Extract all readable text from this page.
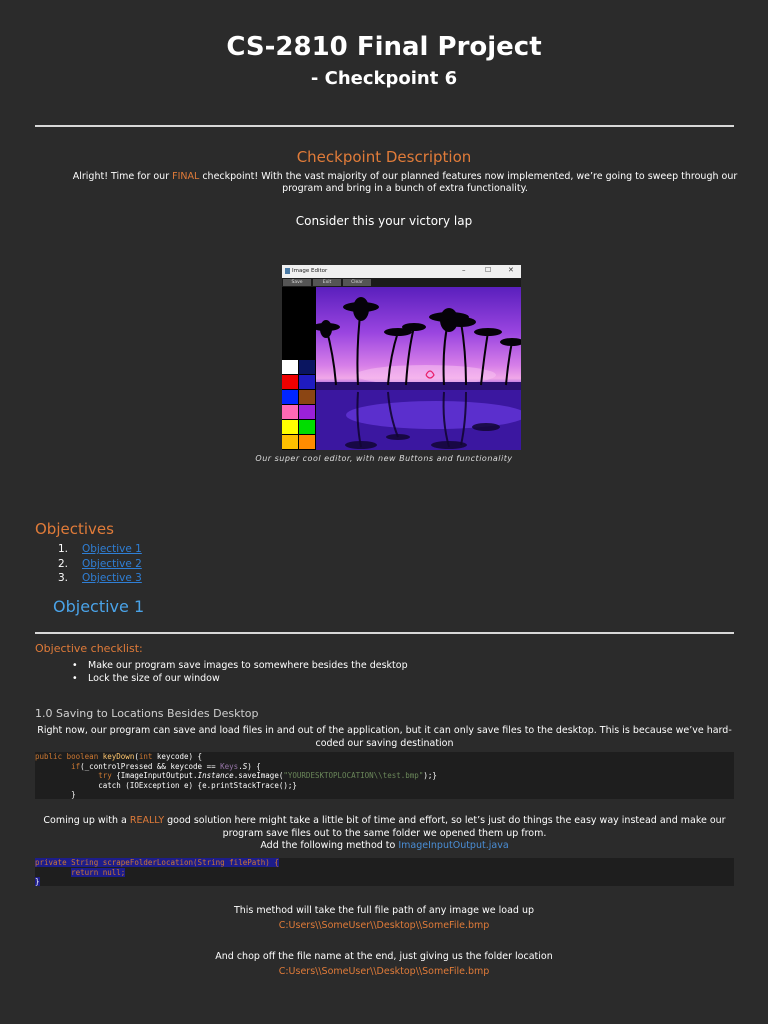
CS-2810 Final Project
- Checkpoint 6
Checkpoint Description
Alright! Time for our FINAL checkpoint! With the vast majority of our planned features now implemented, we’re going to sweep through our program and bring in a bunch of extra functionality.
Consider this your victory lap
Image Editor	–	☐ ✕
Save	Exit	Clear
Our super cool editor, with new Buttons and functionality
Objectives
1. Objective 1
2. Objective 2
3. Objective 3
Objective 1
Objective checklist:
• Make our program save images to somewhere besides the desktop
• Lock the size of our window
1.0 Saving to Locations Besides Desktop
Right now, our program can save and load files in and out of the application, but it can only save files to the desktop. This is because we’ve hard-coded our saving destination
public boolean keyDown(int keycode) {
if(_controlPressed && keycode == Keys.S) {
try {ImageInputOutput.Instance.saveImage("YOURDESKTOPLOCATION\\test.bmp");}
catch (IOException e) {e.printStackTrace();}
}
Coming up with a REALLY good solution here might take a little bit of time and effort, so let’s just do things the easy way instead and make our program save files out to the same folder we opened them up from.
Add the following method to ImageInputOutput.java
private String scrapeFolderLocation(String filePath) {
return null;
}
This method will take the full file path of any image we load up
C:Users\\SomeUser\\Desktop\\SomeFile.bmp
And chop off the file name at the end, just giving us the folder location
C:Users\\SomeUser\\Desktop\\SomeFile.bmp
